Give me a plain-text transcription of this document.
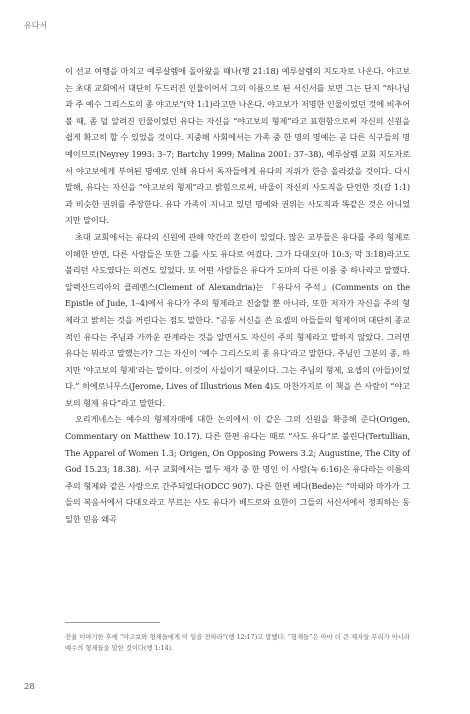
유다서

이 선교 여행을 마치고 예루살렘에 돌아왔을 때나(행 21:18) 예루살렘의 지도자로 나온다. 야고보는 초대 교회에서 대단히 두드러진 인물이어서 그의 이름으로 된 서신서를 보면 그는 단지 “하나님과 주 예수 그리스도의 종 야고보”(약 1:1)라고만 나온다. 야고보가 저명한 인물이었던 것에 비추어 볼 때, 좀 덜 알려진 인물이었던 유다는 자신을 “야고보의 형제”라고 표현함으로써 자신의 신원을 쉽게 확고히 할 수 있었을 것이다. 지중해 사회에서는 가족 중 한 명의 명예는 곧 다른 식구들의 명예이므로(Neyrey 1993: 3–7; Bartchy 1999; Malina 2001: 37–38), 예루살렘 교회 지도자로서 야고보에게 부여된 명예로 인해 유다서 독자들에게 유다의 지위가 한층 올라갔을 것이다. 다시 말해, 유다는 자신을 “야고보의 형제”라고 밝힘으로써, 바울이 자신의 사도직을 단언한 것(갈 1:1)과 비슷한 권위를 주장한다. 유다 가족이 지니고 있던 명예와 권위는 사도직과 똑같은 것은 아니었지만 말이다.

초대 교회에서는 유다의 신원에 관해 약간의 혼란이 있었다. 많은 교부들은 유다를 주의 형제로 이해한 반면, 다른 사람들은 또한 그를 사도 유다로 여겼다. 그가 다대오(마 10:3; 막 3:18)라고도 불리던 사도였다는 의견도 있었다. 또 어떤 사람들은 유다가 도마의 다른 이름 중 하나라고 말했다. 알렉산드리아의 클레멘스(Clement of Alexandria)는 『유다서 주석』(Comments on the Epistle of Jude, 1–4)에서 유다가 주의 형제라고 진술할 뿐 아니라, 또한 저자가 자신을 주의 형제라고 밝히는 것을 꺼린다는 점도 말한다. “공동 서신을 쓴 요셉의 아들들의 형제이며 대단히 종교적인 유다는 주님과 가까운 관계라는 것을 알면서도 자신이 주의 형제라고 말하지 않았다. 그러면 유다는 뭐라고 말했는가? 그는 자신이 ‘예수 그리스도의 종 유다’라고 말한다. 주님인 그분의 종, 하지만 ‘야고보의 형제’라는 말이다. 이것이 사실이기 때문이다. 그는 주님의 형제, 요셉의 (아들)이었다.” 히에로니무스(Jerome, Lives of Illustrious Men 4)도 마찬가지로 이 책을 쓴 사람이 “야고보의 형제 유다”라고 말한다.

오리게네스는 예수의 형제자매에 대한 논의에서 이 같은 그의 신원을 확증해 준다(Origen, Commentary on Matthew 10.17). 다른 한편 유다는 때로 “사도 유다”로 불린다(Tertullian, The Apparel of Women 1.3; Origen, On Opposing Powers 3.2; Augustine, The City of God 15.23; 18.38). 서구 교회에서는 열두 제자 중 한 명인 이 사람(눅 6:16)은 유다라는 이름의 주의 형제와 같은 사람으로 간주되었다(ODCC 907). 다른 한편 베다(Bede)는 “마태와 마가가 그들의 복음서에서 다대오라고 부르는 사도 유다가 베드로와 요한이 그들의 서신서에서 정죄하는 동일한 믿음 왜곡

전율 이야기한 후에 “야고보와 형제들에게 이 일을 전하라”(행 12:17)고 말했다. “형제들”은 아마 더 큰 제자들 무리가 아니라 예수의 형제들을 말한 것이다(행 1:14).
28
